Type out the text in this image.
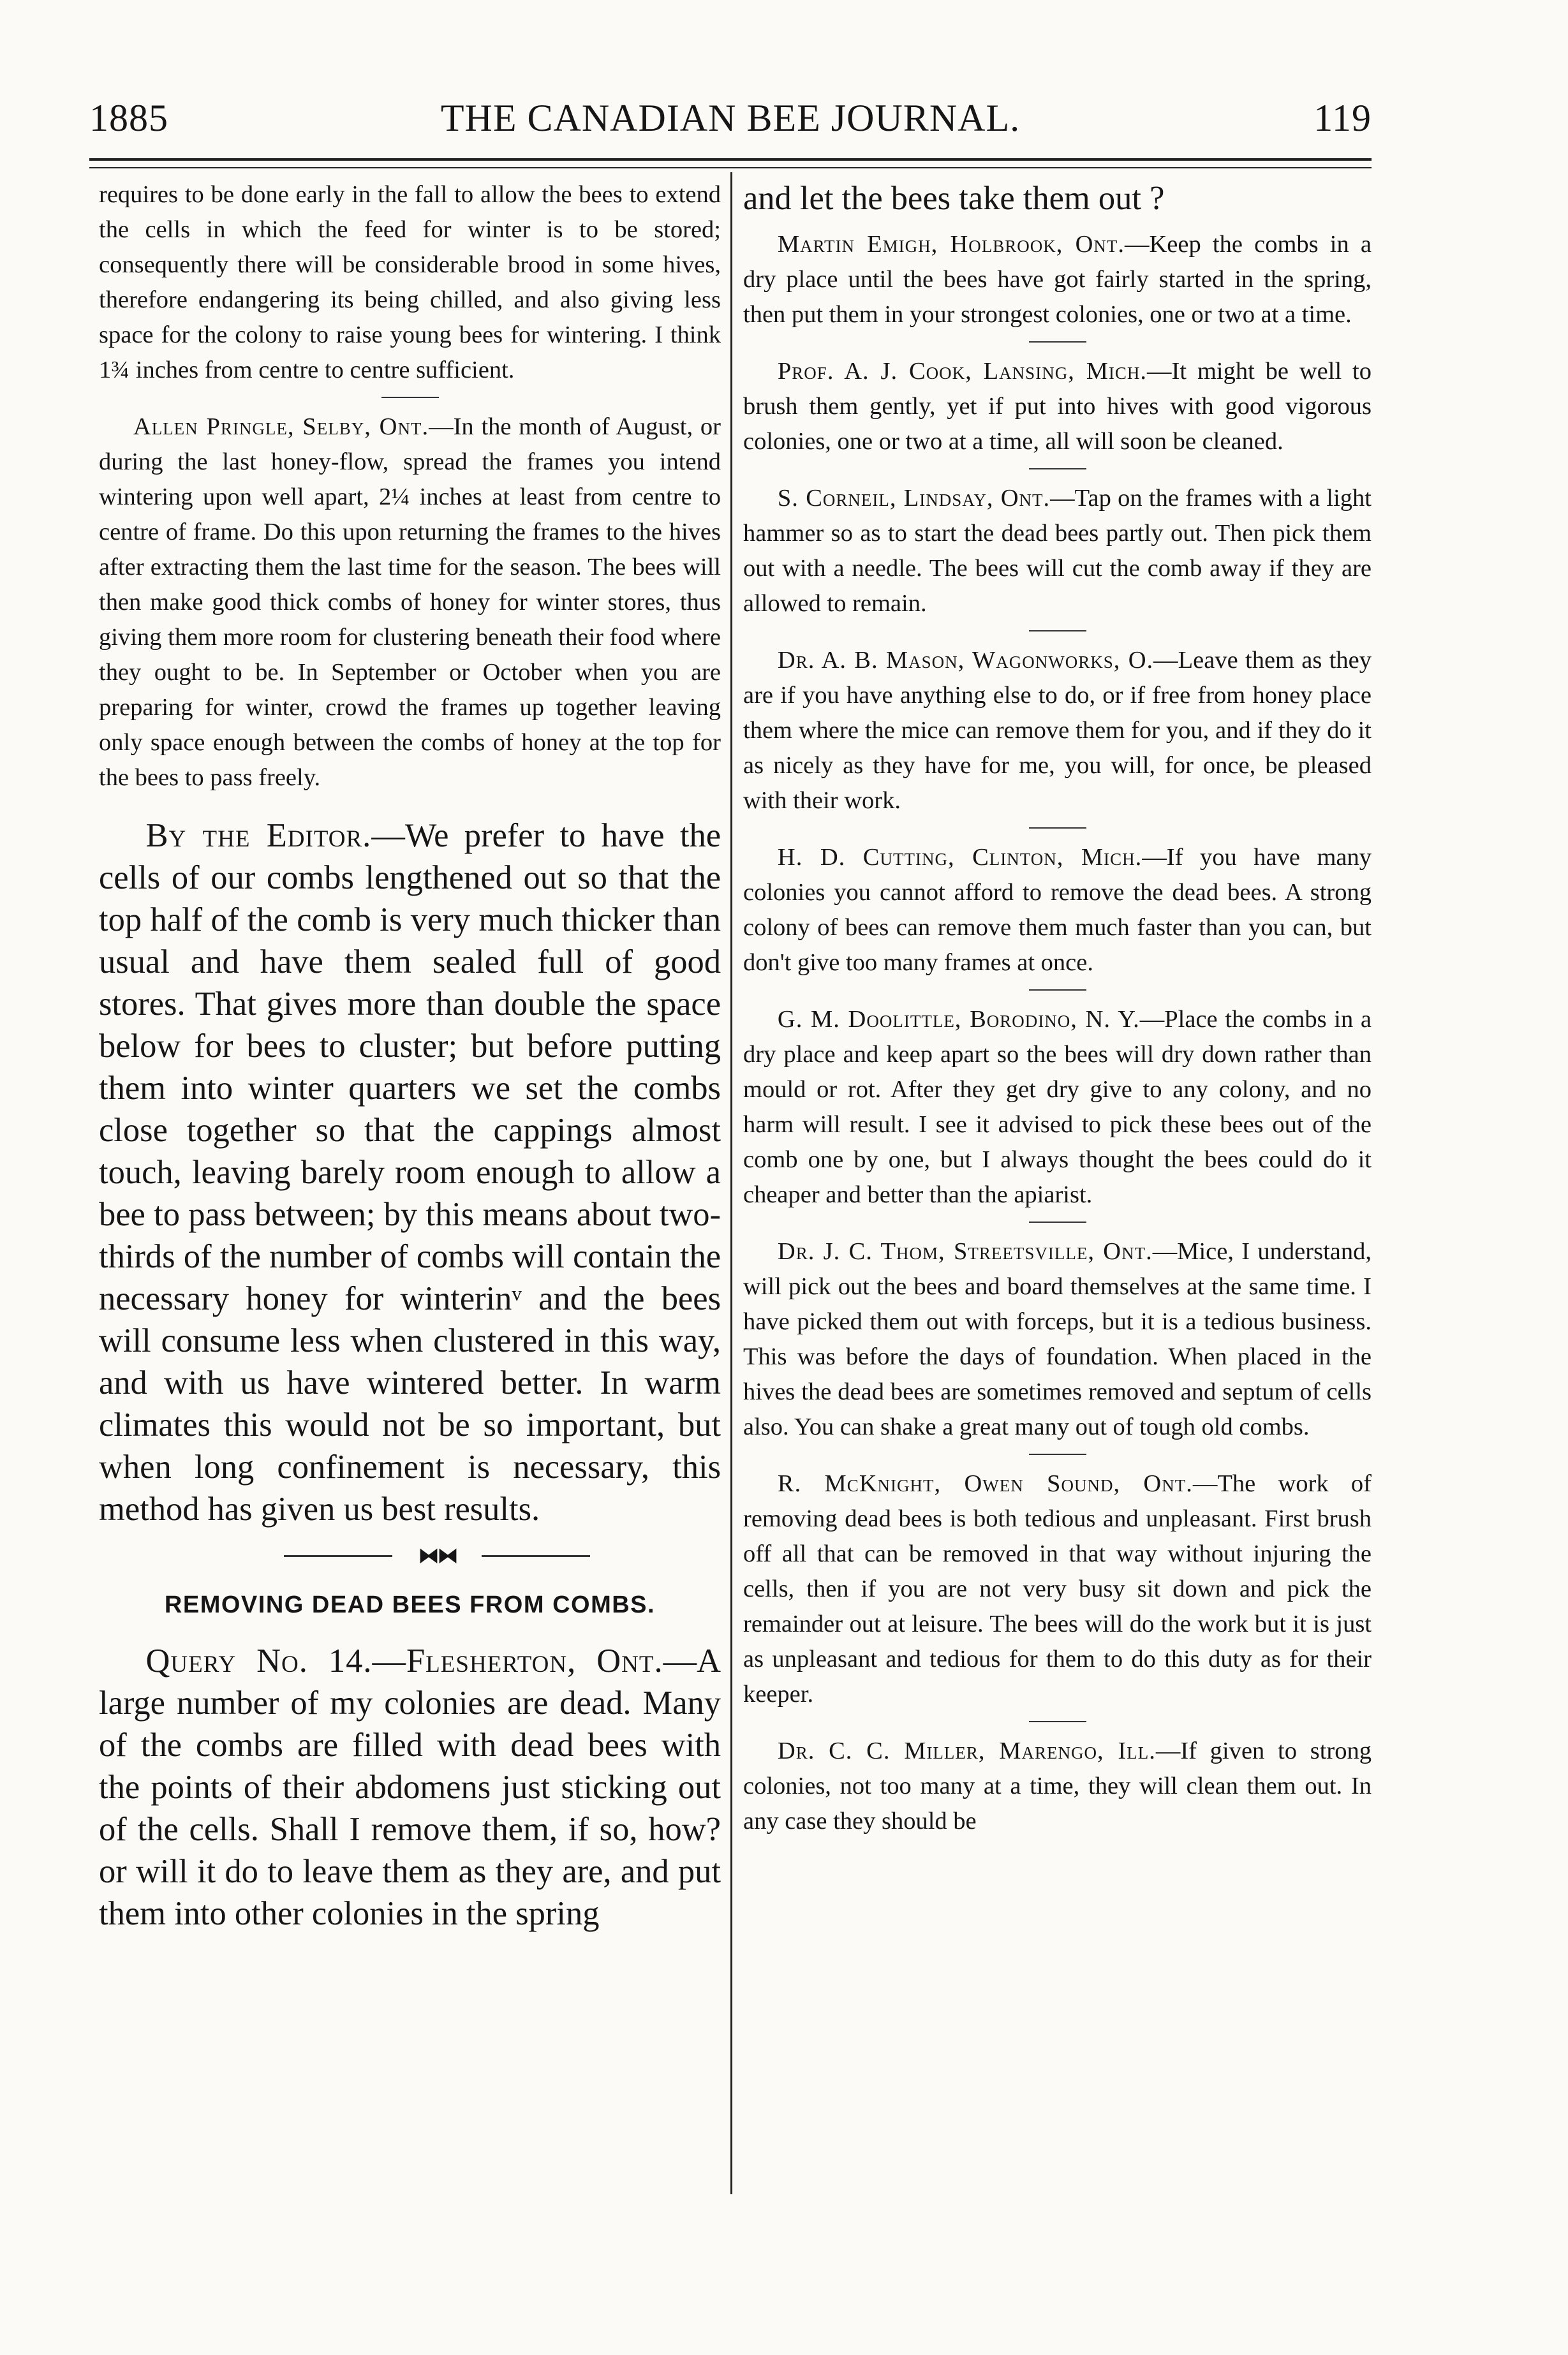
THE CANADIAN BEE JOURNAL.
1885	119

requires to be done early in the fall to allow the bees to extend the cells in which the feed for winter is to be stored; consequently there will be considerable brood in some hives, therefore endangering its being chilled, and also giving less space for the colony to raise young bees for wintering. I think 1¾ inches from centre to centre sufficient.

Allen Pringle, Selby, Ont.—In the month of August, or during the last honey-flow, spread the frames you intend wintering upon well apart, 2¼ inches at least from centre to centre of frame. Do this upon returning the frames to the hives after extracting them the last time for the season. The bees will then make good thick combs of honey for winter stores, thus giving them more room for clustering beneath their food where they ought to be. In September or October when you are preparing for winter, crowd the frames up together leaving only space enough between the combs of honey at the top for the bees to pass freely.

By the Editor.—We prefer to have the cells of our combs lengthened out so that the top half of the comb is very much thicker than usual and have them sealed full of good stores. That gives more than double the space below for bees to cluster; but before putting them into winter quarters we set the combs close together so that the cappings almost touch, leaving barely room enough to allow a bee to pass between; by this means about two-thirds of the number of combs will contain the necessary honey for winterinᵛ and the bees will consume less when clustered in this way, and with us have wintered better. In warm climates this would not be so important, but when long confinement is necessary, this method has given us best results.

⧓⧓

REMOVING DEAD BEES FROM COMBS.

Query No. 14.—Flesherton, Ont.—A large number of my colonies are dead. Many of the combs are filled with dead bees with the points of their abdomens just sticking out of the cells. Shall I remove them, if so, how? or will it do to leave them as they are, and put them into other colonies in the spring

and let the bees take them out ?

Martin Emigh, Holbrook, Ont.—Keep the combs in a dry place until the bees have got fairly started in the spring, then put them in your strongest colonies, one or two at a time.

Prof. A. J. Cook, Lansing, Mich.—It might be well to brush them gently, yet if put into hives with good vigorous colonies, one or two at a time, all will soon be cleaned.

S. Corneil, Lindsay, Ont.—Tap on the frames with a light hammer so as to start the dead bees partly out. Then pick them out with a needle. The bees will cut the comb away if they are allowed to remain.

Dr. A. B. Mason, Wagonworks, O.—Leave them as they are if you have anything else to do, or if free from honey place them where the mice can remove them for you, and if they do it as nicely as they have for me, you will, for once, be pleased with their work.

H. D. Cutting, Clinton, Mich.—If you have many colonies you cannot afford to remove the dead bees. A strong colony of bees can remove them much faster than you can, but don't give too many frames at once.

G. M. Doolittle, Borodino, N. Y.—Place the combs in a dry place and keep apart so the bees will dry down rather than mould or rot. After they get dry give to any colony, and no harm will result. I see it advised to pick these bees out of the comb one by one, but I always thought the bees could do it cheaper and better than the apiarist.

Dr. J. C. Thom, Streetsville, Ont.—Mice, I understand, will pick out the bees and board themselves at the same time. I have picked them out with forceps, but it is a tedious business. This was before the days of foundation. When placed in the hives the dead bees are sometimes removed and septum of cells also. You can shake a great many out of tough old combs.

R. McKnight, Owen Sound, Ont.—The work of removing dead bees is both tedious and unpleasant. First brush off all that can be removed in that way without injuring the cells, then if you are not very busy sit down and pick the remainder out at leisure. The bees will do the work but it is just as unpleasant and tedious for them to do this duty as for their keeper.

Dr. C. C. Miller, Marengo, Ill.—If given to strong colonies, not too many at a time, they will clean them out. In any case they should be
